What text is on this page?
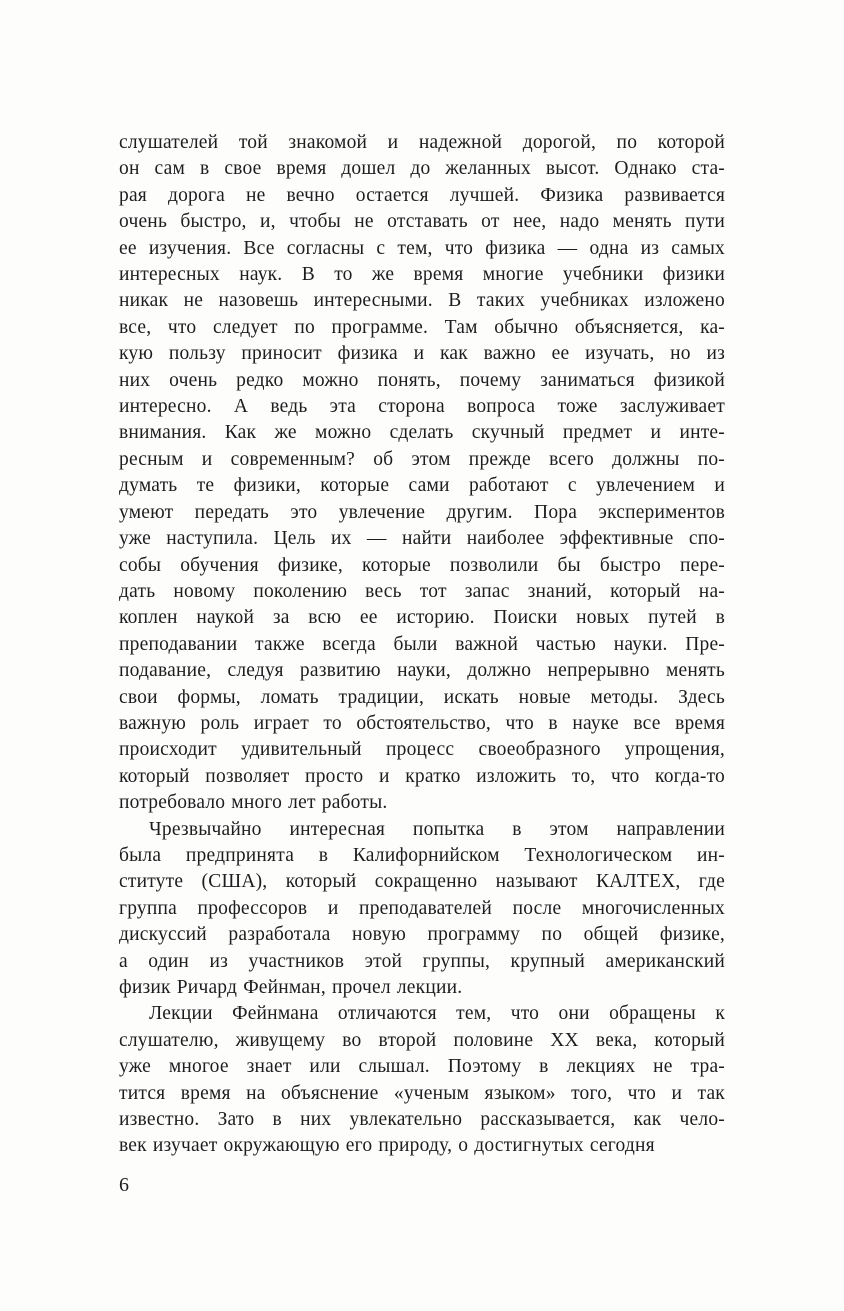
слушателей той знакомой и надежной дорогой, по которой
он сам в свое время дошел до желанных высот. Однако ста-
рая дорога не вечно остается лучшей. Физика развивается
очень быстро, и, чтобы не отставать от нее, надо менять пути
ее изучения. Все согласны с тем, что физика — одна из самых
интересных наук. В то же время многие учебники физики
никак не назовешь интересными. В таких учебниках изложено
все, что следует по программе. Там обычно объясняется, ка-
кую пользу приносит физика и как важно ее изучать, но из
них очень редко можно понять, почему заниматься физикой
интересно. А ведь эта сторона вопроса тоже заслуживает
внимания. Как же можно сделать скучный предмет и инте-
ресным и современным? об этом прежде всего должны по-
думать те физики, которые сами работают с увлечением и
умеют передать это увлечение другим. Пора экспериментов
уже наступила. Цель их — найти наиболее эффективные спо-
собы обучения физике, которые позволили бы быстро пере-
дать новому поколению весь тот запас знаний, который на-
коплен наукой за всю ее историю. Поиски новых путей в
преподавании также всегда были важной частью науки. Пре-
подавание, следуя развитию науки, должно непрерывно менять
свои формы, ломать традиции, искать новые методы. Здесь
важную роль играет то обстоятельство, что в науке все время
происходит удивительный процесс своеобразного упрощения,
который позволяет просто и кратко изложить то, что когда-то
потребовало много лет работы.
Чрезвычайно интересная попытка в этом направлении
была предпринята в Калифорнийском Технологическом ин-
ституте (США), который сокращенно называют КАЛТЕХ, где
группа профессоров и преподавателей после многочисленных
дискуссий разработала новую программу по общей физике,
а один из участников этой группы, крупный американский
физик Ричард Фейнман, прочел лекции.
Лекции Фейнмана отличаются тем, что они обращены к
слушателю, живущему во второй половине XX века, который
уже многое знает или слышал. Поэтому в лекциях не тра-
тится время на объяснение «ученым языком» того, что и так
известно. Зато в них увлекательно рассказывается, как чело-
век изучает окружающую его природу, о достигнутых сегодня
6
